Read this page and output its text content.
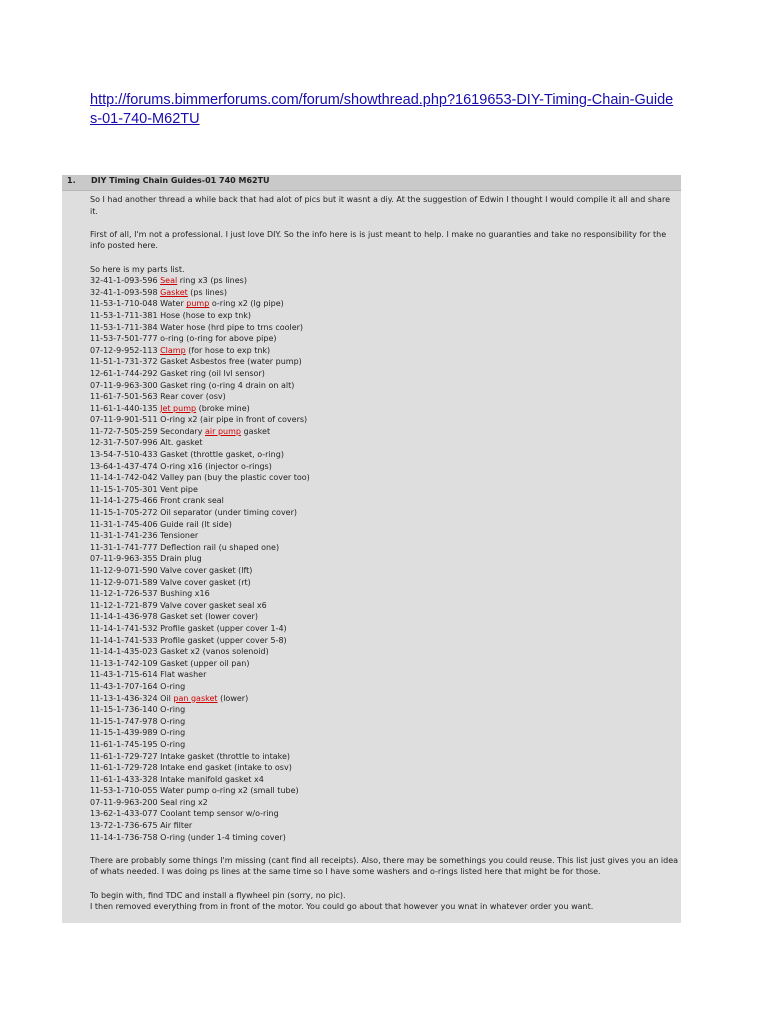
http://forums.bimmerforums.com/forum/showthread.php?1619653-DIY-Timing-Chain-Guides-01-740-M62TU
1. DIY Timing Chain Guides-01 740 M62TU
So I had another thread a while back that had alot of pics but it wasnt a diy. At the suggestion of Edwin I thought I would compile it all and share it.
First of all, I'm not a professional. I just love DIY. So the info here is is just meant to help. I make no guaranties and take no responsibility for the info posted here.
So here is my parts list.
32-41-1-093-596 Seal ring x3 (ps lines)
32-41-1-093-598 Gasket (ps lines)
11-53-1-710-048 Water pump o-ring x2 (lg pipe)
11-53-1-711-381 Hose (hose to exp tnk)
11-53-1-711-384 Water hose (hrd pipe to trns cooler)
11-53-7-501-777 o-ring (o-ring for above pipe)
07-12-9-952-113 Clamp (for hose to exp tnk)
11-51-1-731-372 Gasket Asbestos free (water pump)
12-61-1-744-292 Gasket ring (oil lvl sensor)
07-11-9-963-300 Gasket ring (o-ring 4 drain on alt)
11-61-7-501-563 Rear cover (osv)
11-61-1-440-135 Jet pump (broke mine)
07-11-9-901-511 O-ring x2 (air pipe in front of covers)
11-72-7-505-259 Secondary air pump gasket
12-31-7-507-996 Alt. gasket
13-54-7-510-433 Gasket (throttle gasket, o-ring)
13-64-1-437-474 O-ring x16 (injector o-rings)
11-14-1-742-042 Valley pan (buy the plastic cover too)
11-15-1-705-301 Vent pipe
11-14-1-275-466 Front crank seal
11-15-1-705-272 Oil separator (under timing cover)
11-31-1-745-406 Guide rail (lt side)
11-31-1-741-236 Tensioner
11-31-1-741-777 Deflection rail (u shaped one)
07-11-9-963-355 Drain plug
11-12-9-071-590 Valve cover gasket (lft)
11-12-9-071-589 Valve cover gasket (rt)
11-12-1-726-537 Bushing x16
11-12-1-721-879 Valve cover gasket seal x6
11-14-1-436-978 Gasket set (lower cover)
11-14-1-741-532 Profile gasket (upper cover 1-4)
11-14-1-741-533 Profile gasket (upper cover 5-8)
11-14-1-435-023 Gasket x2 (vanos solenoid)
11-13-1-742-109 Gasket (upper oil pan)
11-43-1-715-614 Flat washer
11-43-1-707-164 O-ring
11-13-1-436-324 Oil pan gasket (lower)
11-15-1-736-140 O-ring
11-15-1-747-978 O-ring
11-15-1-439-989 O-ring
11-61-1-745-195 O-ring
11-61-1-729-727 Intake gasket (throttle to intake)
11-61-1-729-728 Intake end gasket (intake to osv)
11-61-1-433-328 Intake manifold gasket x4
11-53-1-710-055 Water pump o-ring x2 (small tube)
07-11-9-963-200 Seal ring x2
13-62-1-433-077 Coolant temp sensor w/o-ring
13-72-1-736-675 Air filter
11-14-1-736-758 O-ring (under 1-4 timing cover)
There are probably some things I'm missing (cant find all receipts). Also, there may be somethings you could reuse. This list just gives you an idea of whats needed. I was doing ps lines at the same time so I have some washers and o-rings listed here that might be for those.
To begin with, find TDC and install a flywheel pin (sorry, no pic).
I then removed everything from in front of the motor. You could go about that however you wnat in whatever order you want.
